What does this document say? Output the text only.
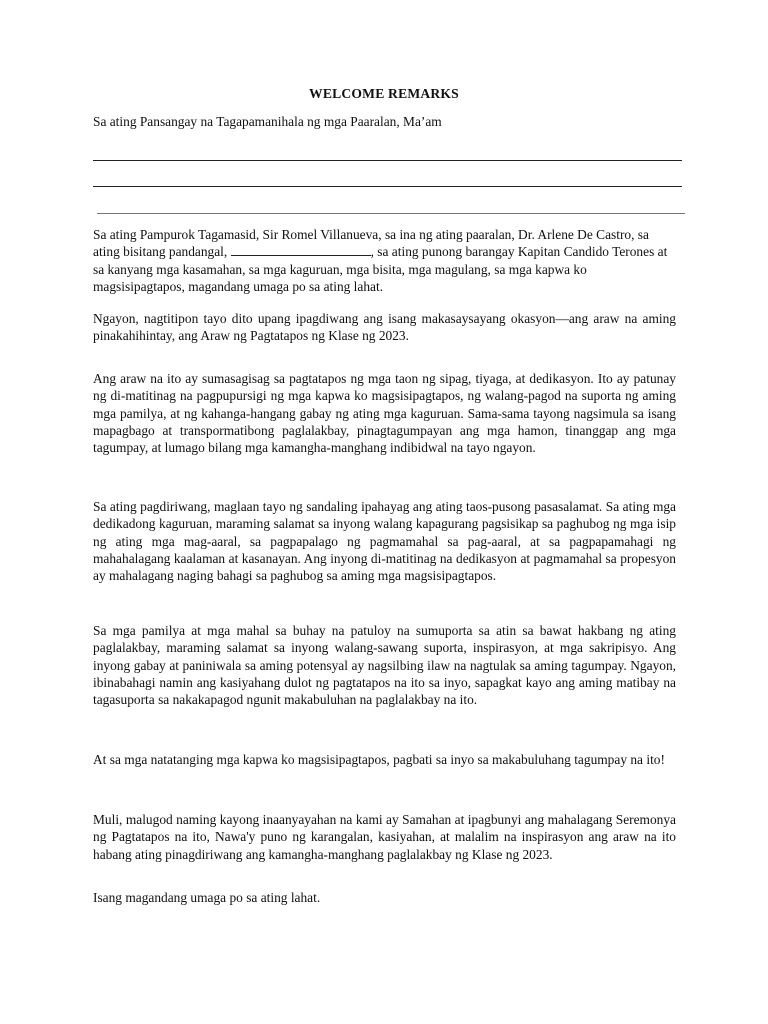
WELCOME REMARKS
Sa ating Pansangay na Tagapamanihala ng mga Paaralan, Ma’am

Sa ating Pampurok Tagamasid, Sir Romel Villanueva, sa ina ng ating paaralan, Dr. Arlene De Castro, sa ating bisitang pandangal,	, sa ating punong barangay Kapitan Candido Terones at sa kanyang mga kasamahan, sa mga kaguruan, mga bisita, mga magulang, sa mga kapwa ko magsisipagtapos, magandang umaga po sa ating lahat.

Ngayon, nagtitipon tayo dito upang ipagdiwang ang isang makasaysayang okasyon—ang araw na aming pinakahihintay, ang Araw ng Pagtatapos ng Klase ng 2023.

Ang araw na ito ay sumasagisag sa pagtatapos ng mga taon ng sipag, tiyaga, at dedikasyon. Ito ay patunay ng di-matitinag na pagpupursigi ng mga kapwa ko magsisipagtapos, ng walang-pagod na suporta ng aming mga pamilya, at ng kahanga-hangang gabay ng ating mga kaguruan. Sama-sama tayong nagsimula sa isang mapagbago at transpormatibong paglalakbay, pinagtagumpayan ang mga hamon, tinanggap ang mga tagumpay, at lumago bilang mga kamangha-manghang indibidwal na tayo ngayon.

Sa ating pagdiriwang, maglaan tayo ng sandaling ipahayag ang ating taos-pusong pasasalamat. Sa ating mga dedikadong kaguruan, maraming salamat sa inyong walang kapagurang pagsisikap sa paghubog ng mga isip ng ating mga mag-aaral, sa pagpapalago ng pagmamahal sa pag-aaral, at sa pagpapamahagi ng mahahalagang kaalaman at kasanayan. Ang inyong di-matitinag na dedikasyon at pagmamahal sa propesyon ay mahalagang naging bahagi sa paghubog sa aming mga magsisipagtapos.

Sa mga pamilya at mga mahal sa buhay na patuloy na sumuporta sa atin sa bawat hakbang ng ating paglalakbay, maraming salamat sa inyong walang-sawang suporta, inspirasyon, at mga sakripisyo. Ang inyong gabay at paniniwala sa aming potensyal ay nagsilbing ilaw na nagtulak sa aming tagumpay. Ngayon, ibinabahagi namin ang kasiyahang dulot ng pagtatapos na ito sa inyo, sapagkat kayo ang aming matibay na tagasuporta sa nakakapagod ngunit makabuluhan na paglalakbay na ito.

At sa mga natatanging mga kapwa ko magsisipagtapos, pagbati sa inyo sa makabuluhang tagumpay na ito!

Muli, malugod naming kayong inaanyayahan na kami ay Samahan at ipagbunyi ang mahalagang Seremonya ng Pagtatapos na ito, Nawa'y puno ng karangalan, kasiyahan, at malalim na inspirasyon ang araw na ito habang ating pinagdiriwang ang kamangha-manghang paglalakbay ng Klase ng 2023.

Isang magandang umaga po sa ating lahat.
